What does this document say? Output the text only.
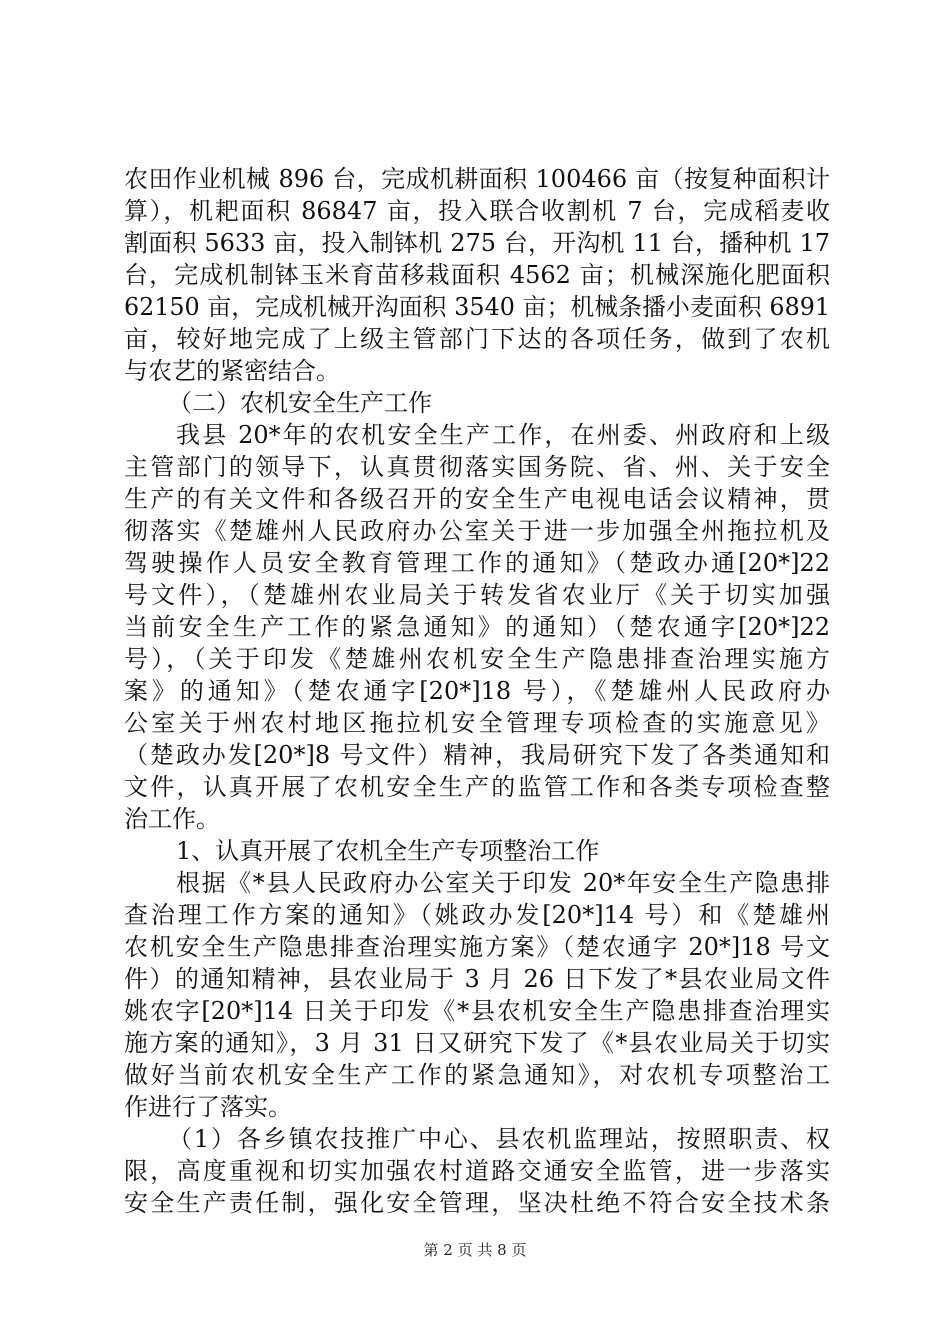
农田作业机械 896 台，完成机耕面积 100466 亩（按复种面积计
算），机耙面积 86847 亩，投入联合收割机 7 台，完成稻麦收
割面积 5633 亩，投入制钵机 275 台，开沟机 11 台，播种机 17
台，完成机制钵玉米育苗移栽面积 4562 亩；机械深施化肥面积
62150 亩，完成机械开沟面积 3540 亩；机械条播小麦面积 6891
亩，较好地完成了上级主管部门下达的各项任务，做到了农机
与农艺的紧密结合。
（二）农机安全生产工作
我县 20*年的农机安全生产工作，在州委、州政府和上级
主管部门的领导下，认真贯彻落实国务院、省、州、关于安全
生产的有关文件和各级召开的安全生产电视电话会议精神，贯
彻落实《楚雄州人民政府办公室关于进一步加强全州拖拉机及
驾驶操作人员安全教育管理工作的通知》（楚政办通[20*]22
号文件），（楚雄州农业局关于转发省农业厅《关于切实加强
当前安全生产工作的紧急通知》的通知）（楚农通字[20*]22
号），（关于印发《楚雄州农机安全生产隐患排查治理实施方
案》的通知》（楚农通字[20*]18 号），《楚雄州人民政府办
公室关于州农村地区拖拉机安全管理专项检查的实施意见》
（楚政办发[20*]8 号文件）精神，我局研究下发了各类通知和
文件，认真开展了农机安全生产的监管工作和各类专项检查整
治工作。
1、认真开展了农机全生产专项整治工作
根据《*县人民政府办公室关于印发 20*年安全生产隐患排
查治理工作方案的通知》（姚政办发[20*]14 号）和《楚雄州
农机安全生产隐患排查治理实施方案》（楚农通字 20*]18 号文
件）的通知精神，县农业局于 3 月 26 日下发了*县农业局文件
姚农字[20*]14 日关于印发《*县农机安全生产隐患排查治理实
施方案的通知》，3 月 31 日又研究下发了《*县农业局关于切实
做好当前农机安全生产工作的紧急通知》，对农机专项整治工
作进行了落实。
（1）各乡镇农技推广中心、县农机监理站，按照职责、权
限，高度重视和切实加强农村道路交通安全监管，进一步落实
安全生产责任制，强化安全管理，坚决杜绝不符合安全技术条
第 2 页 共 8 页
